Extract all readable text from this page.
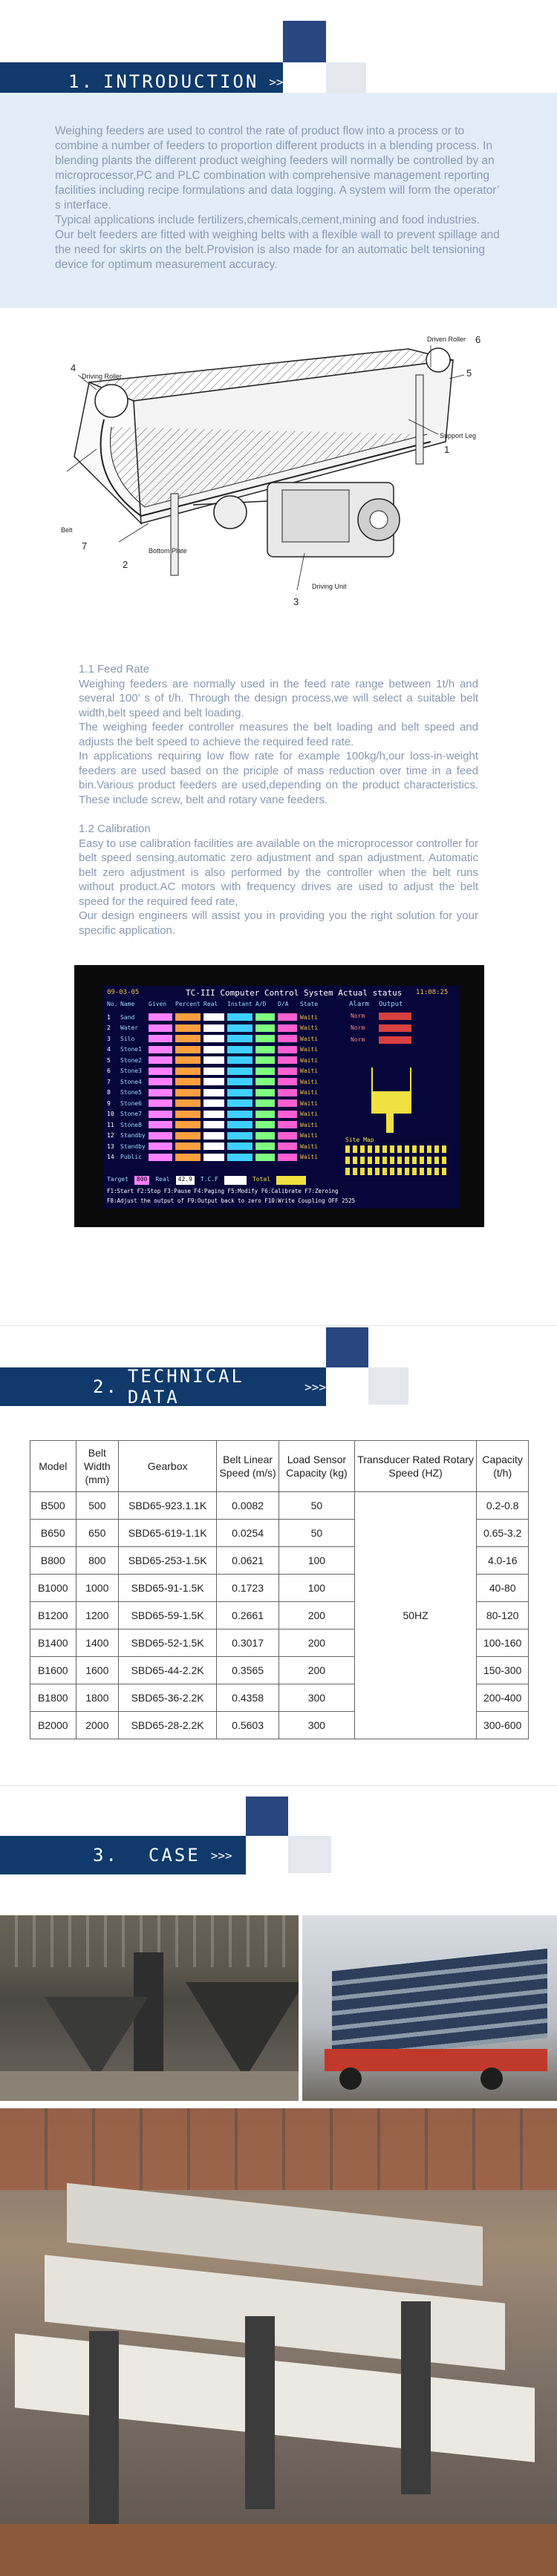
1. INTRODUCTION >>>

Weighing feeders are used to control the rate of product flow into a process or to combine a number of feeders to proportion different products in a blending process. In blending plants the different product weighing feeders will normally be controlled by an microprocessor,PC and PLC combination with comprehensive management reporting facilities including recipe formulations and data logging. A system will form the operator’ s interface.

Typical applications include fertilizers,chemicals,cement,mining and food industries.

Our belt feeders are fitted with weighing belts with a flexible wall to prevent spillage and the need for skirts on the belt.Provision is also made for an automatic belt tensioning device for optimum measurement accuracy.

Driven Roller 6
5
Support Leg
1
Driving Roller
4
Belt
7
2
Bottom Plate
3
Driving Unit

1.1 Feed Rate

Weighing feeders are normally used in the feed rate range between 1t/h and several 100’ s of t/h. Through the design process,we will select a suitable belt width,belt speed and belt loading.

The weighing feeder controller measures the belt loading and belt speed and adjusts the belt speed to achieve the required feed rate.

In applications requiring low flow rate for example 100kg/h,our loss-in-weight feeders are used based on the priciple of mass reduction over time in a feed bin.Various product feeders are used,depending on the product characteristics. These include screw, belt and rotary vane feeders.

1.2 Calibration

Easy to use calibration facilities are available on the microprocessor controller for belt speed sensing,automatic zero adjustment and span adjustment. Automatic belt zero adjustment is also performed by the controller when the belt runs without product.AC motors with frequency drives are used to adjust the belt speed for the required feed rate,

Our design engineers will assist you in providing you the right solution for your specific application.

09-03-05	TC-III Computer Control System Actual status 11:08:25
No. Name	Given	Percent Real	Instant A/D	D/A	State
1	Sand	Waiti
2	Water	Waiti
3	Silo	Waiti
4	Stone1	Waiti
5	Stone2	Waiti
6	Stone3	Waiti
7	Stone4	Waiti
8	Stone5	Waiti
9	Stone6	Waiti
10	Stone7	Waiti
11	Stone8	Waiti
12	Standby	Waiti
13	Standby	Waiti
14	Public	Waiti
Alarm Output
Norm
Norm
Norm
Site Map
Target	800	Real	42.9	T.C.F	Total
F1:Start F2:Stop F3:Pause F4:Paging F5:Modify F6:Calibrate F7:Zeroing
F8:Adjust the output of F9:Output back to zero F10:Write Coupling OFF 2525
2. TECHNICAL DATA	>>>
Model	Belt Width (mm)	Gearbox	Belt Linear Speed (m/s)	Load Sensor Capacity (kg)	Transducer Rated Rotary Speed (HZ)	Capacity (t/h)
B500	500	SBD65-923.1.1K	0.0082	50	50HZ	0.2-0.8
B650	650	SBD65-619-1.1K	0.0254	50		0.65-3.2
B800	800	SBD65-253-1.5K	0.0621	100		4.0-16
B1000	1000	SBD65-91-1.5K	0.1723	100		40-80
B1200	1200	SBD65-59-1.5K	0.2661	200		80-120
B1400	1400	SBD65-52-1.5K	0.3017	200		100-160
B1600	1600	SBD65-44-2.2K	0.3565	200		150-300
B1800	1800	SBD65-36-2.2K	0.4358	300		200-400
B2000	2000	SBD65-28-2.2K	0.5603	300		300-600
3. CASE >>>
